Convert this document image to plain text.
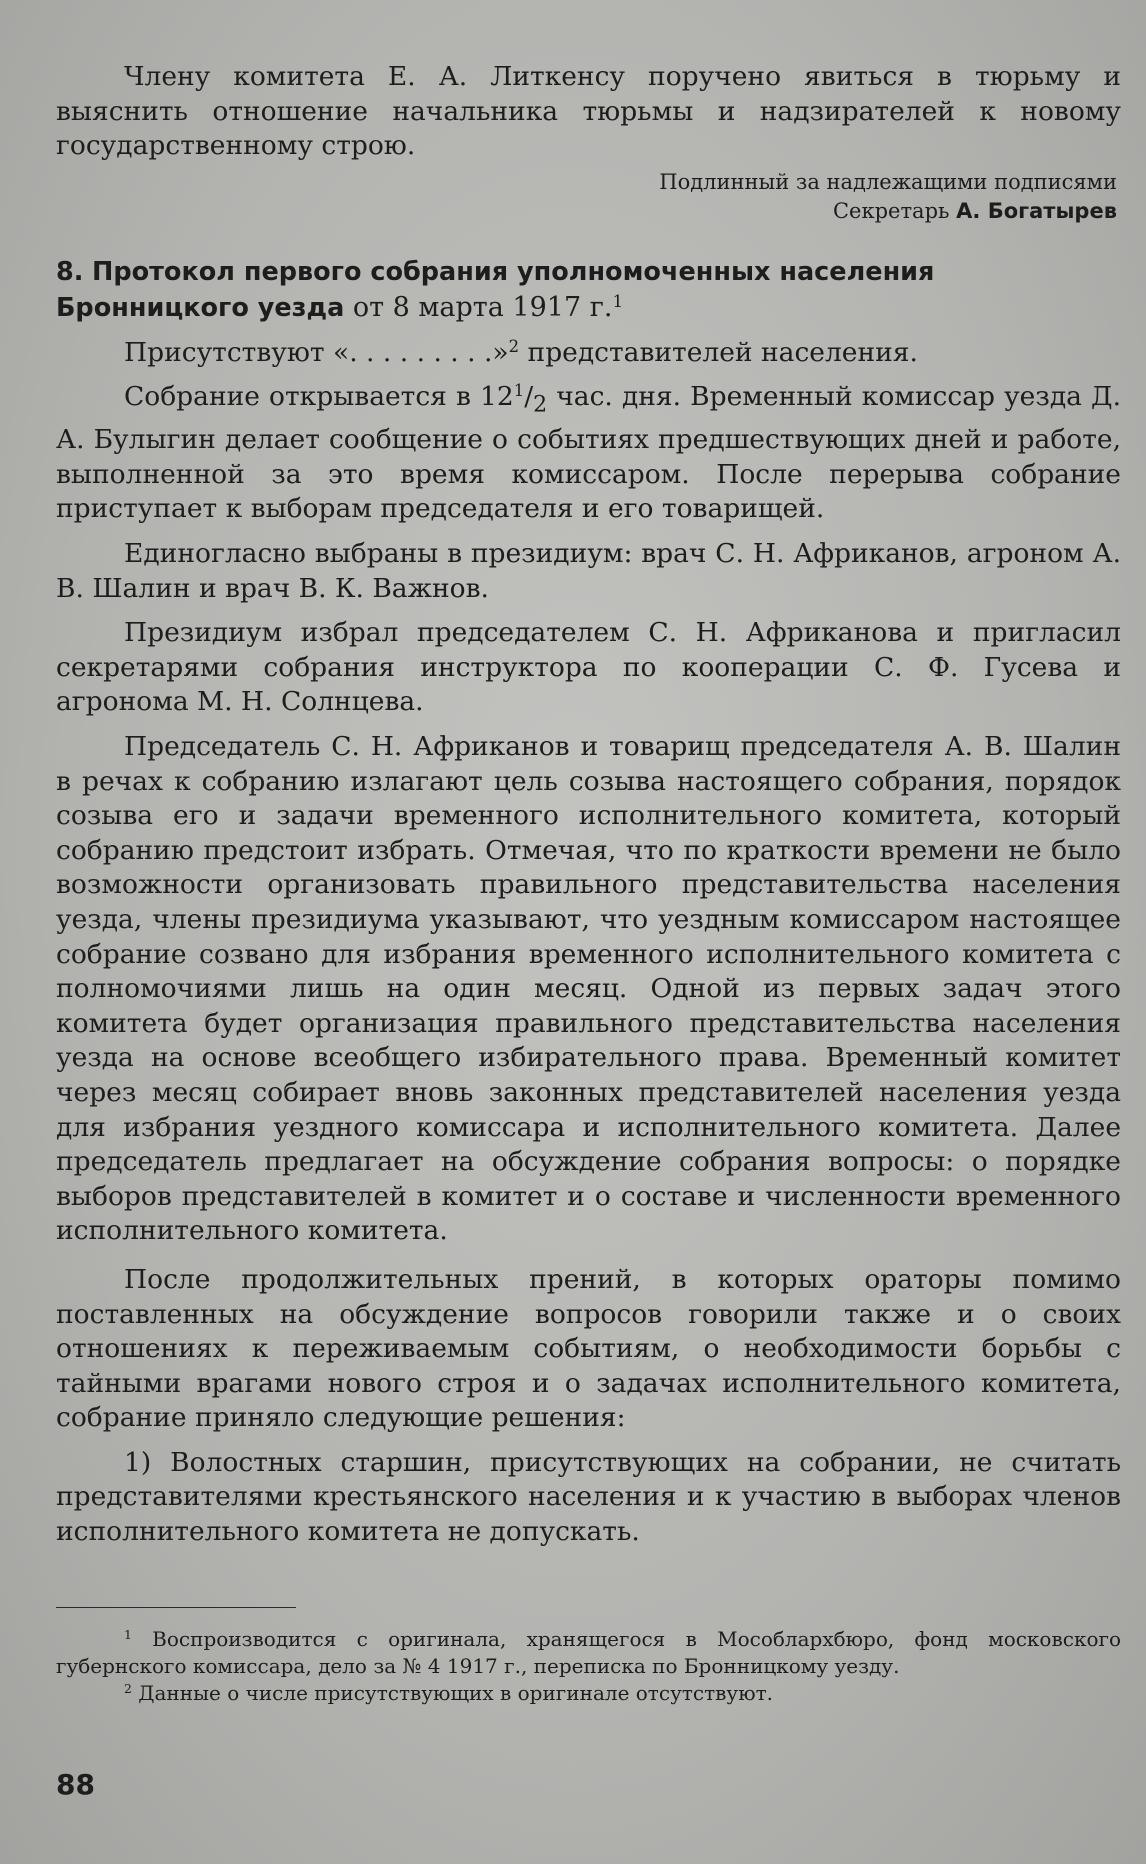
Члену комитета Е. А. Литкенсу поручено явиться в тюрьму и выяснить отношение начальника тюрьмы и надзирателей к новому государственному строю.

Подлинный за надлежащими подписями
Секретарь А. Богатырев
8. Протокол первого собрания уполномоченных населения Бронницкого уезда от 8 марта 1917 г.$^1$

Присутствуют «. . . . . . . . .»$^2$ представителей населения.

Собрание открывается в $12^1/_2$ час. дня. Временный комиссар уезда Д. А. Булыгин делает сообщение о событиях предшествующих дней и работе, выполненной за это время комиссаром. После перерыва собрание приступает к выборам председателя и его товарищей.

Единогласно выбраны в президиум: врач С. Н. Африканов, агроном А. В. Шалин и врач В. К. Важнов.

Президиум избрал председателем С. Н. Африканова и пригласил секретарями собрания инструктора по кооперации С. Ф. Гусева и агронома М. Н. Солнцева.

Председатель С. Н. Африканов и товарищ председателя А. В. Шалин в речах к собранию излагают цель созыва настоящего собрания, порядок созыва его и задачи временного исполнительного комитета, который собранию предстоит избрать. Отмечая, что по краткости времени не было возможности организовать правильного представительства населения уезда, члены президиума указывают, что уездным комиссаром настоящее собрание созвано для избрания временного исполнительного комитета с полномочиями лишь на один месяц. Одной из первых задач этого комитета будет организация правильного представительства населения уезда на основе всеобщего избирательного права. Временный комитет через месяц собирает вновь законных представителей населения уезда для избрания уездного комиссара и исполнительного комитета. Далее председатель предлагает на обсуждение собрания вопросы: о порядке выборов представителей в комитет и о составе и численности временного исполнительного комитета.

После продолжительных прений, в которых ораторы помимо поставленных на обсуждение вопросов говорили также и о своих отношениях к переживаемым событиям, о необходимости борьбы с тайными врагами нового строя и о задачах исполнительного комитета, собрание приняло следующие решения:

1) Волостных старшин, присутствующих на собрании, не считать представителями крестьянского населения и к участию в выборах членов исполнительного комитета не допускать.

$^1$ Воспроизводится с оригинала, хранящегося в Мособлархбюро, фонд московского губернского комиссара, дело за № 4 1917 г., переписка по Бронницкому уезду.

$^2$ Данные о числе присутствующих в оригинале отсутствуют.

88
